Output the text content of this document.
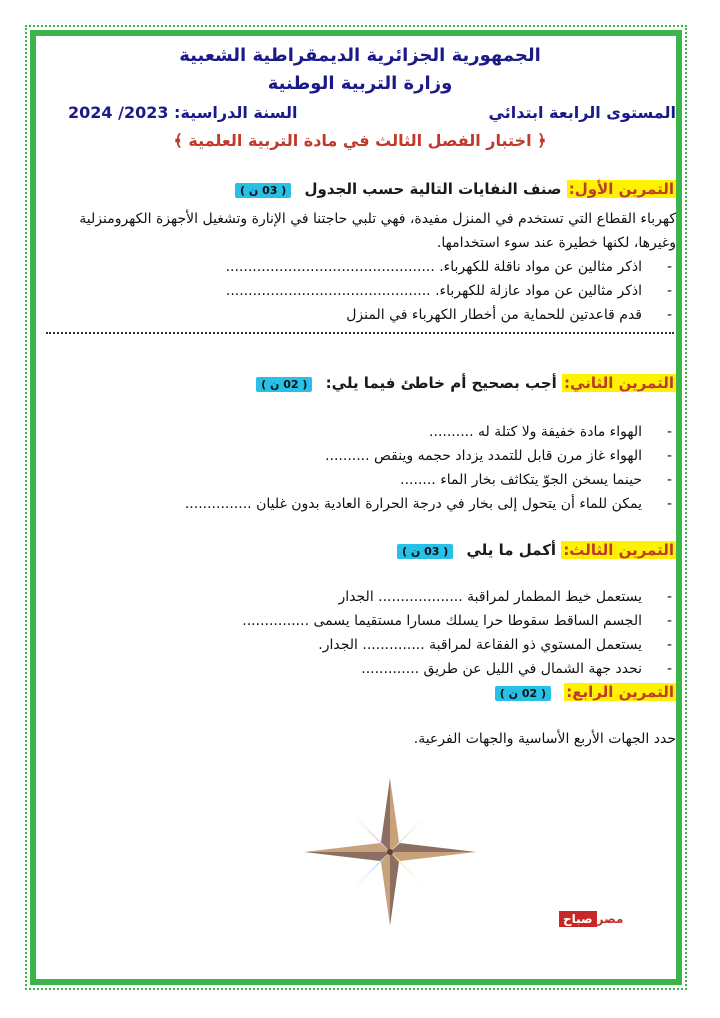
الجمهورية الجزائرية الديمقراطية الشعبية
وزارة التربية الوطنية
المستوى الرابعة ابتدائي
السنة الدراسية: 2023/ 2024
﴿ اختبار الفصل الثالث في مادة التربية العلمية ﴾
التمرين الأول: صنف النفايات التالية حسب الجدول ( 03 ن )
كهرباء القطاع التي تستخدم في المنزل مفيدة، فهي تلبي حاجتنا في الإنارة وتشغيل الأجهزة الكهرومنزلية
وغيرها، لكنها خطيرة عند سوء استخدامها.
- اذكر مثالين عن مواد ناقلة للكهرباء. ...............................................
- اذكر مثالين عن مواد عازلة للكهرباء. ..............................................
- قدم قاعدتين للحماية من أخطار الكهرباء في المنزل
التمرين الثاني: أجب بصحيح أم خاطئ فيما يلي: ( 02 ن )
- الهواء مادة خفيفة ولا كتلة له ..........
- الهواء غاز مرن قابل للتمدد يزداد حجمه وينقص ..........
- حينما يسخن الجوّ يتكاثف بخار الماء ........
- يمكن للماء أن يتحول إلى بخار في درجة الحرارة العادية بدون غليان ...............
التمرين الثالث: أكمل ما يلي ( 03 ن )
- يستعمل خيط المطمار لمراقبة ................... الجدار
- الجسم الساقط سقوطا حرا يسلك مسارا مستقيما يسمى ...............
- يستعمل المستوي ذو الفقاعة لمراقبة .............. الجدار.
- نحدد جهة الشمال في الليل عن طريق .............
التمرين الرابع: ( 02 ن )
حدد الجهات الأربع الأساسية والجهات الفرعية.
مصرصباح
